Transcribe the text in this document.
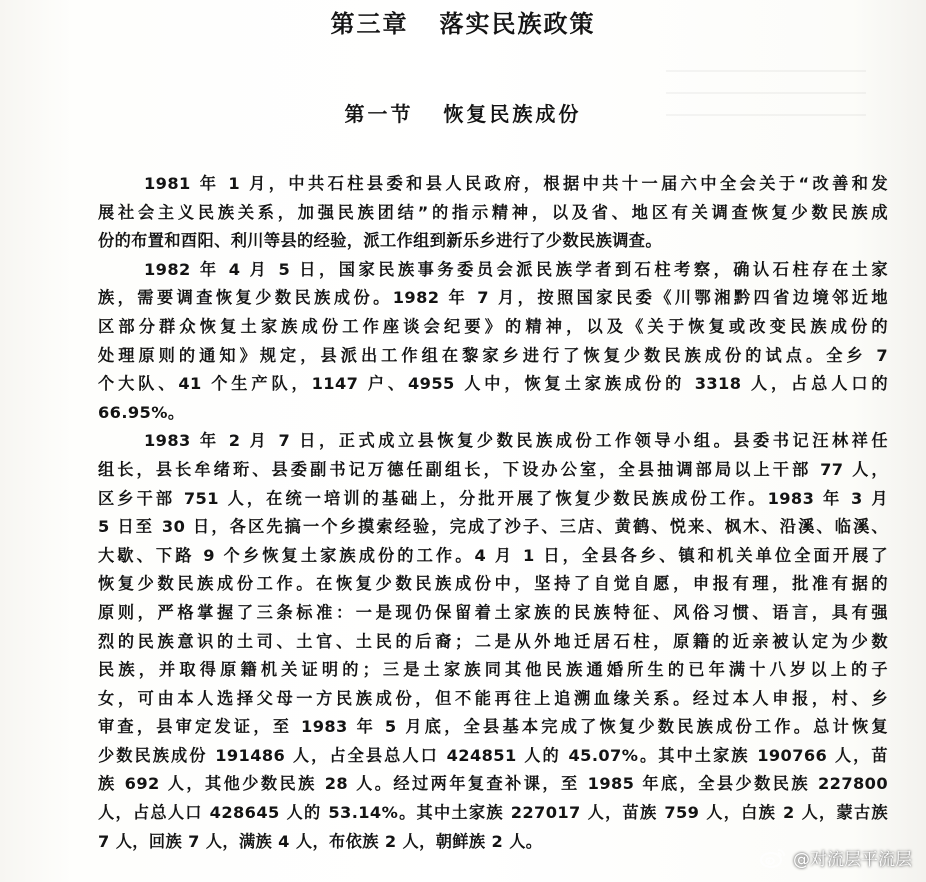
第三章   落实民族政策
第一节   恢复民族成份
1981 年 1 月，中共石柱县委和县人民政府，根据中共十一届六中全会关于“改善和发
展社会主义民族关系，加强民族团结”的指示精神，以及省、地区有关调查恢复少数民族成
份的布置和酉阳、利川等县的经验，派工作组到新乐乡进行了少数民族调查。
1982 年 4 月 5 日，国家民族事务委员会派民族学者到石柱考察，确认石柱存在土家
族，需要调查恢复少数民族成份。1982 年 7 月，按照国家民委《川鄂湘黔四省边境邻近地
区部分群众恢复土家族成份工作座谈会纪要》的精神，以及《关于恢复或改变民族成份的
处理原则的通知》规定，县派出工作组在黎家乡进行了恢复少数民族成份的试点。全乡 7
个大队、41 个生产队，1147 户、4955 人中，恢复土家族成份的 3318 人，占总人口的
66.95%。
1983 年 2 月 7 日，正式成立县恢复少数民族成份工作领导小组。县委书记汪林祥任
组长，县长牟绪珩、县委副书记万德任副组长，下设办公室，全县抽调部局以上干部 77 人，
区乡干部 751 人，在统一培训的基础上，分批开展了恢复少数民族成份工作。1983 年 3 月
5 日至 30 日，各区先搞一个乡摸索经验，完成了沙子、三店、黄鹤、悦来、枫木、沿溪、临溪、
大歇、下路 9 个乡恢复土家族成份的工作。4 月 1 日，全县各乡、镇和机关单位全面开展了
恢复少数民族成份工作。在恢复少数民族成份中，坚持了自觉自愿，申报有理，批准有据的
原则，严格掌握了三条标准：一是现仍保留着土家族的民族特征、风俗习惯、语言，具有强
烈的民族意识的土司、土官、土民的后裔；二是从外地迁居石柱，原籍的近亲被认定为少数
民族，并取得原籍机关证明的；三是土家族同其他民族通婚所生的已年满十八岁以上的子
女，可由本人选择父母一方民族成份，但不能再往上追溯血缘关系。经过本人申报，村、乡
审查，县审定发证，至 1983 年 5 月底，全县基本完成了恢复少数民族成份工作。总计恢复
少数民族成份 191486 人，占全县总人口 424851 人的 45.07%。其中土家族 190766 人，苗
族 692 人，其他少数民族 28 人。经过两年复查补课，至 1985 年底，全县少数民族 227800
人，占总人口 428645 人的 53.14%。其中土家族 227017 人，苗族 759 人，白族 2 人，蒙古族
7 人，回族 7 人，满族 4 人，布依族 2 人，朝鲜族 2 人。
@对流层平流层
